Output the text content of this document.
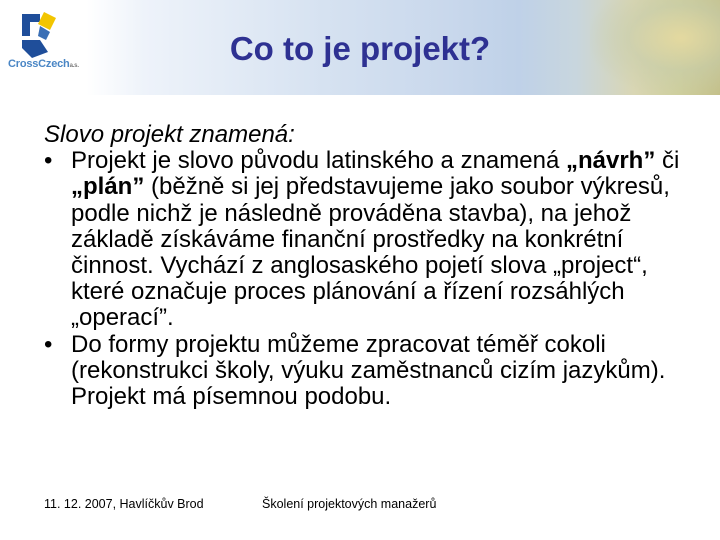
CrossCzecha.s.	Co to je projekt?

Slovo projekt znamená:

• Projekt je slovo původu latinského a znamená „návrh” či „plán” (běžně si jej představujeme jako soubor výkresů, podle nichž je následně prováděna stavba), na jehož základě získáváme finanční prostředky na konkrétní činnost. Vychází z anglosaského pojetí slova „project“, které označuje proces plánování a řízení rozsáhlých „operací”.

• Do formy projektu můžeme zpracovat téměř cokoli (rekonstrukci školy, výuku zaměstnanců cizím jazykům). Projekt má písemnou podobu.

11. 12. 2007, Havlíčkův Brod	Školení projektových manažerů
